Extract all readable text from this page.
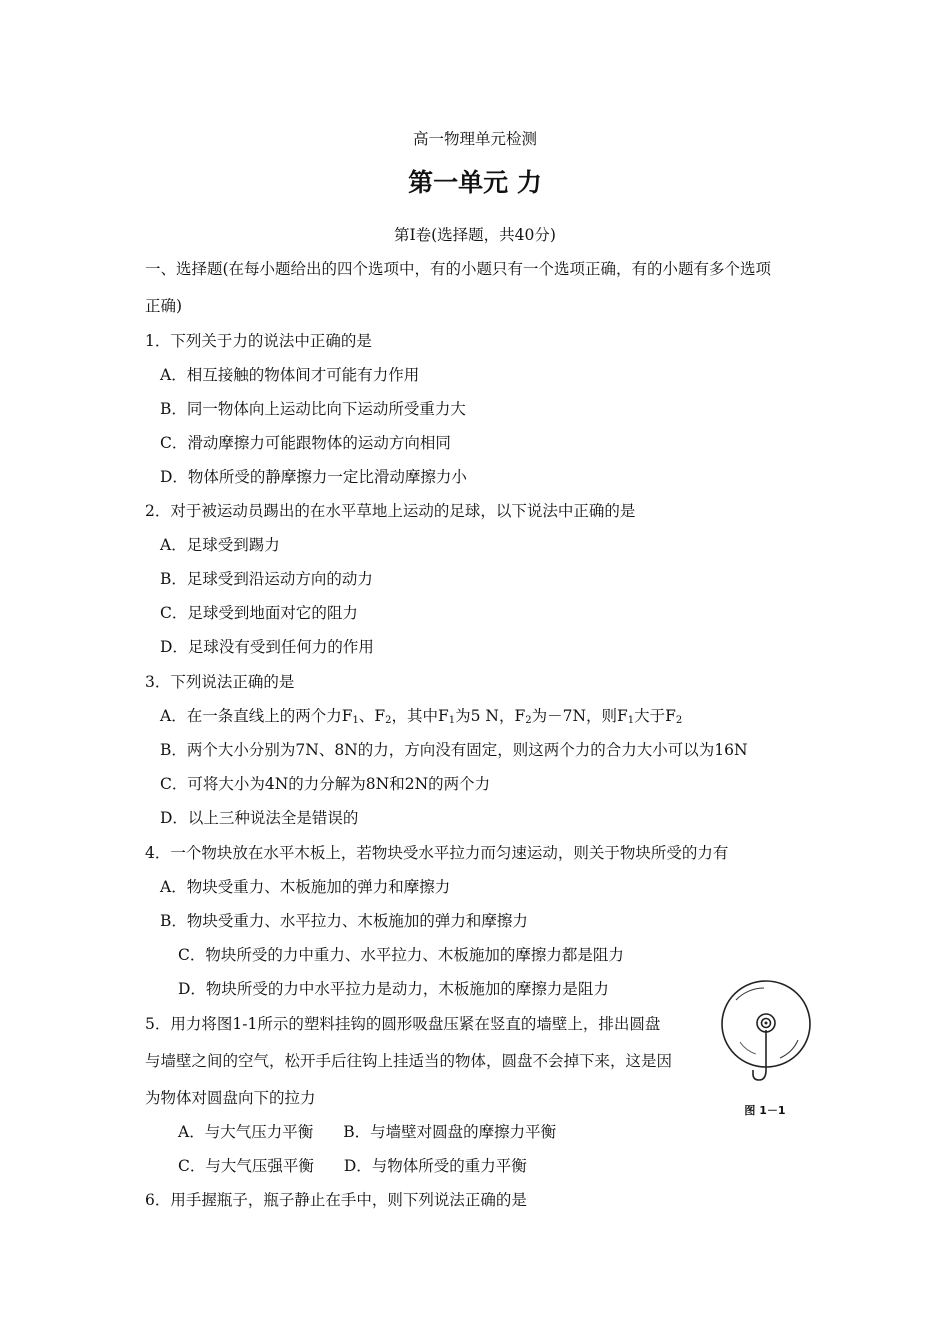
高一物理单元检测
第一单元 力
第Ⅰ卷(选择题，共40分)
一、选择题(在每小题给出的四个选项中，有的小题只有一个选项正确，有的小题有多个选项
正确)
1．下列关于力的说法中正确的是
A．相互接触的物体间才可能有力作用
B．同一物体向上运动比向下运动所受重力大
C．滑动摩擦力可能跟物体的运动方向相同
D．物体所受的静摩擦力一定比滑动摩擦力小
2．对于被运动员踢出的在水平草地上运动的足球，以下说法中正确的是
A．足球受到踢力
B．足球受到沿运动方向的动力
C．足球受到地面对它的阻力
D．足球没有受到任何力的作用
3．下列说法正确的是
A．在一条直线上的两个力$F_1$、$F_2$，其中$F_1$为5 N，$F_2$为－7N，则$F_1$大于$F_2$
B．两个大小分别为7N、8N的力，方向没有固定，则这两个力的合力大小可以为16N
C．可将大小为4N的力分解为8N和2N的两个力
D．以上三种说法全是错误的
4．一个物块放在水平木板上，若物块受水平拉力而匀速运动，则关于物块所受的力有
A．物块受重力、木板施加的弹力和摩擦力
B．物块受重力、水平拉力、木板施加的弹力和摩擦力
C．物块所受的力中重力、水平拉力、木板施加的摩擦力都是阻力
D．物块所受的力中水平拉力是动力，木板施加的摩擦力是阻力
5．用力将图1-1所示的塑料挂钩的圆形吸盘压紧在竖直的墙壁上，排出圆盘
与墙壁之间的空气，松开手后往钩上挂适当的物体，圆盘不会掉下来，这是因
为物体对圆盘向下的拉力
A．与大气压力平衡 B．与墙壁对圆盘的摩擦力平衡
C．与大气压强平衡 D．与物体所受的重力平衡
图 1－1
6．用手握瓶子，瓶子静止在手中，则下列说法正确的是
